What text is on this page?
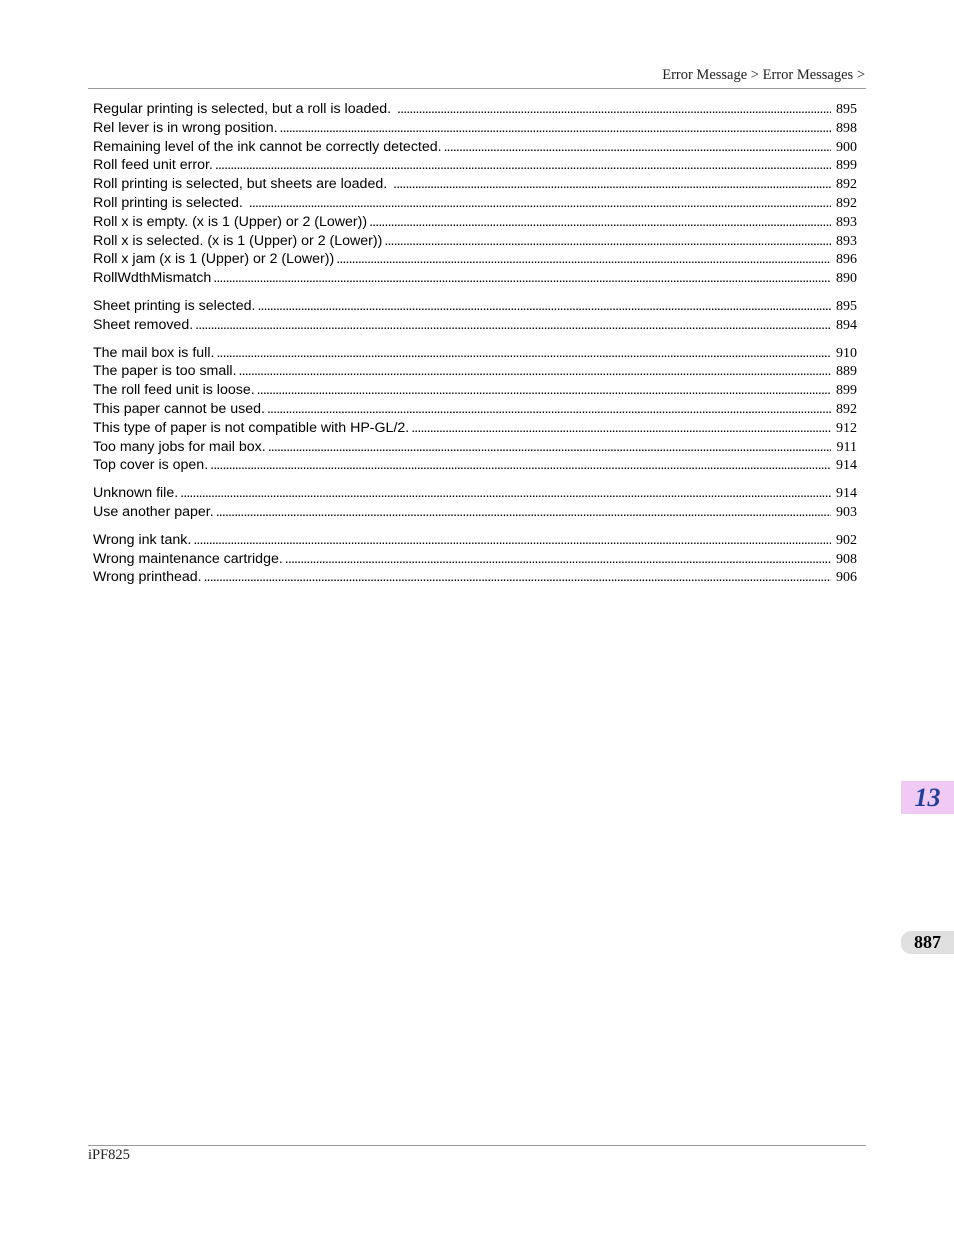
Error Message > Error Messages >
Regular printing is selected, but a roll is loaded. . . .	895
Rel lever is in wrong position. . . .	898
Remaining level of the ink cannot be correctly detected. . . .	900
Roll feed unit error. . . .	899
Roll printing is selected, but sheets are loaded. . . .	892
Roll printing is selected. . . .	892
Roll x is empty. (x is 1 (Upper) or 2 (Lower)) . . .	893
Roll x is selected. (x is 1 (Upper) or 2 (Lower)) . . .	893
Roll x jam (x is 1 (Upper) or 2 (Lower)) . . .	896
RollWdthMismatch . . .	890
Sheet printing is selected. . . .	895
Sheet removed. . . .	894
The mail box is full. . . .	910
The paper is too small. . . .	889
The roll feed unit is loose. . . .	899
This paper cannot be used. . . .	892
This type of paper is not compatible with HP-GL/2. . . .	912
Too many jobs for mail box. . . .	911
Top cover is open. . . .	914
Unknown file. . . .	914
Use another paper. . . .	903
Wrong ink tank. . . .	902
Wrong maintenance cartridge. . . .	908
Wrong printhead. . . .	906
13
887
iPF825
